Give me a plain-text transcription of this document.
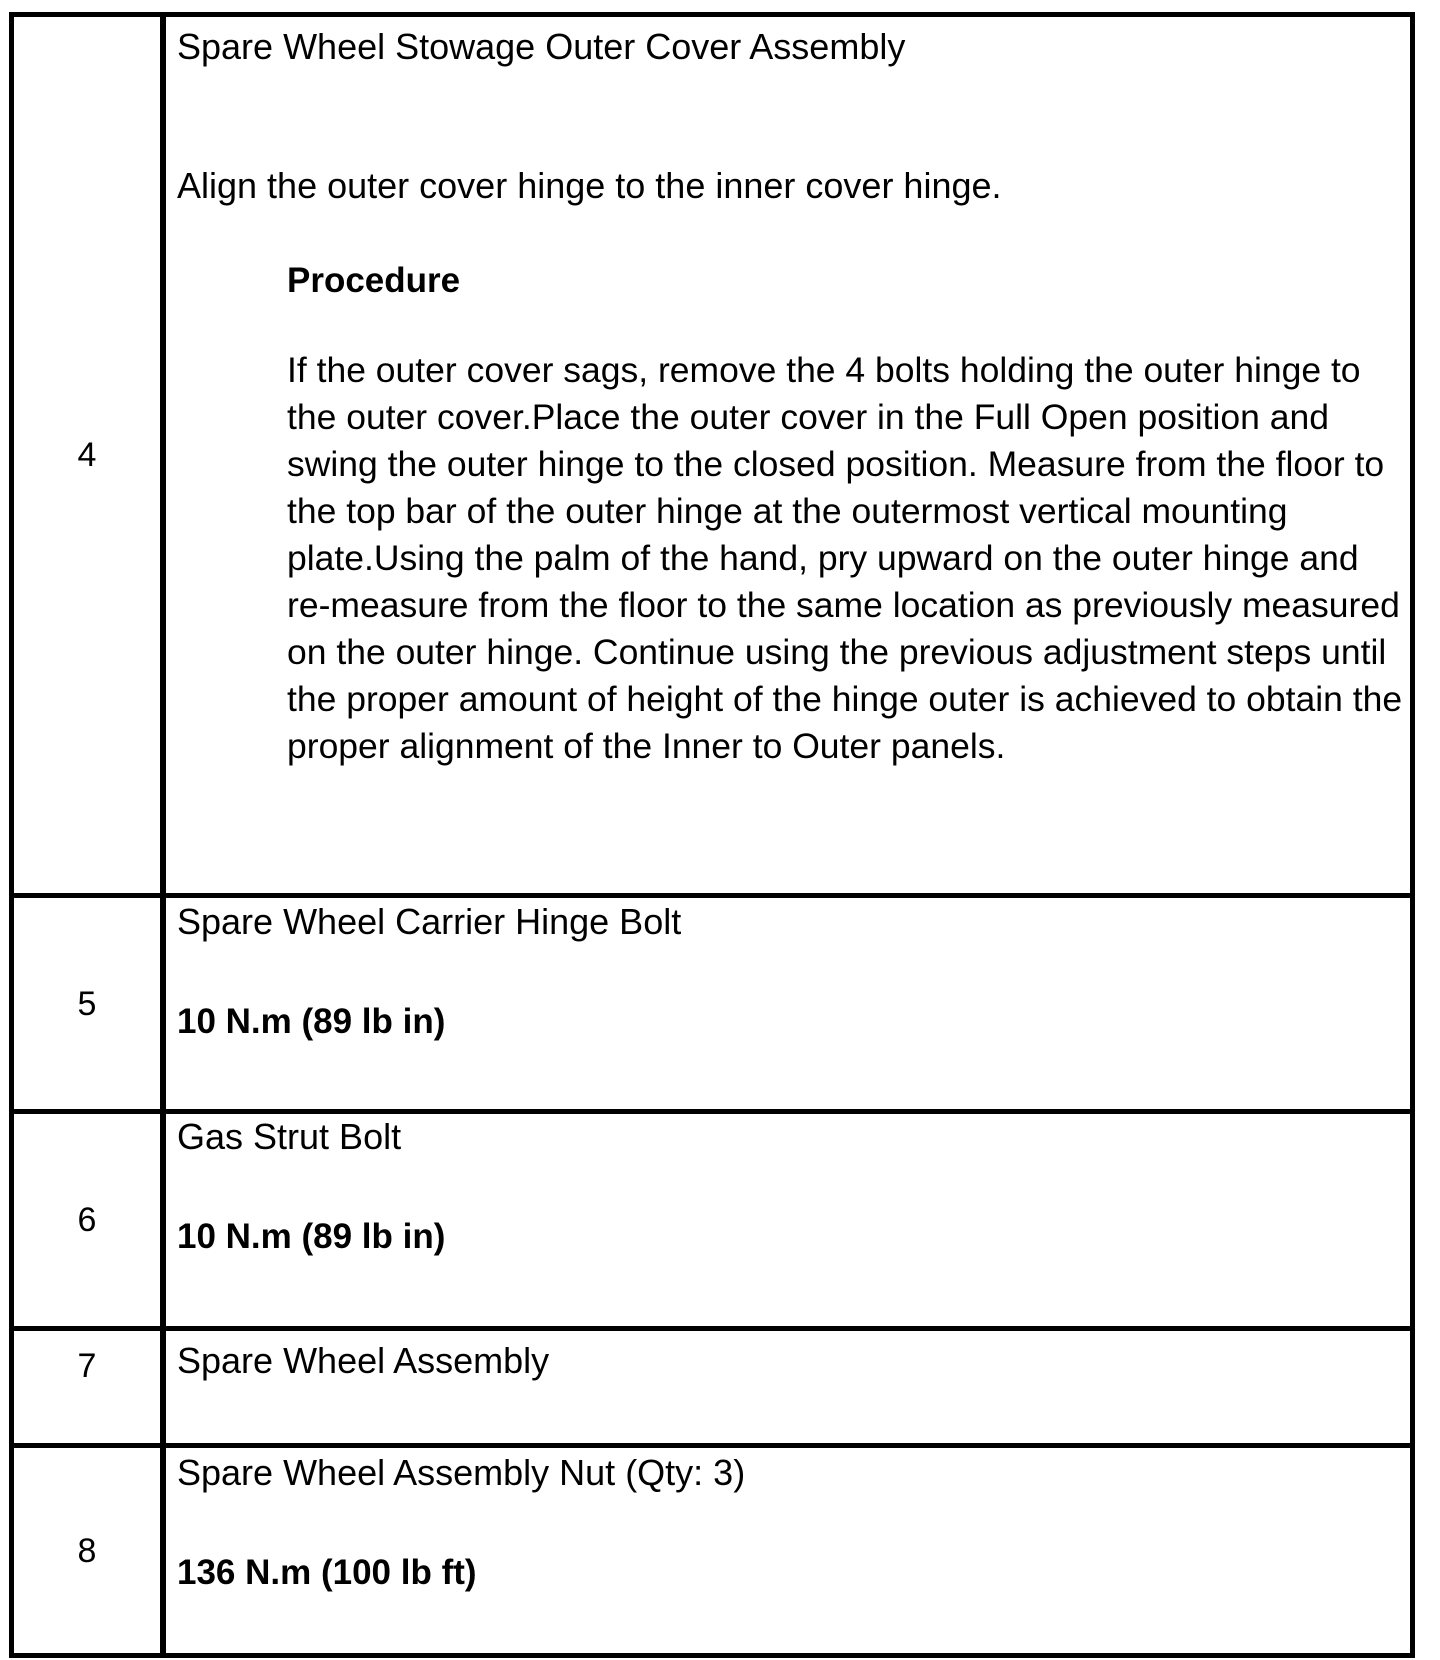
4
Spare Wheel Stowage Outer Cover Assembly
Align the outer cover hinge to the inner cover hinge.
Procedure
If the outer cover sags, remove the 4 bolts holding the outer hinge to the outer cover.Place the outer cover in the Full Open position and swing the outer hinge to the closed position. Measure from the floor to the top bar of the outer hinge at the outermost vertical mounting plate.Using the palm of the hand, pry upward on the outer hinge and re-measure from the floor to the same location as previously measured on the outer hinge. Continue using the previous adjustment steps until the proper amount of height of the hinge outer is achieved to obtain the proper alignment of the Inner to Outer panels.
5
Spare Wheel Carrier Hinge Bolt
10 N.m (89 lb in)
6
Gas Strut Bolt
10 N.m (89 lb in)
7	Spare Wheel Assembly
8
Spare Wheel Assembly Nut (Qty: 3)
136 N.m (100 lb ft)
